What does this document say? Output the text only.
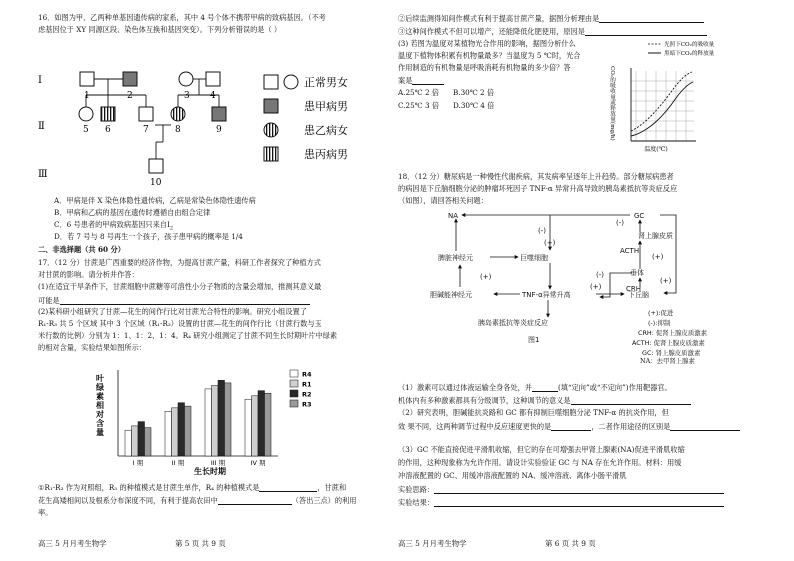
16．如图为甲、乙两种单基因遗传病的家系，其中 4 号个体不携带甲病的致病基因。（不考
虑基因位于 XY 同源区段、染色体互换和基因突变）。下列分析错误的是（ ）
Ⅰ
Ⅱ
Ⅲ
1	2	3 4
5 6	7	8	9
10
正常男女
患甲病男
患乙病女
患丙病男
A．甲病是伴 X 染色体隐性遗传病，乙病是常染色体隐性遗传病
B．甲病和乙病的基因在遗传时遵循自由组合定律
C．6 号患者的甲病致病基因只来自$I_2$
D．若 7 号与 8 号再生一个孩子，孩子患甲病的概率是 1/4
二、非选择题（共 60 分）
17．（12 分）甘蔗是广西重要的经济作物，为提高甘蔗产量，科研工作者探究了种植方式
对甘蔗的影响。请分析并作答：
(1)在适宜干旱条件下，甘蔗细胞中蔗糖等可溶性小分子物质的含量会增加，推测其意义最
可能是
(2)某科研小组研究了甘蔗—花生的间作行比对甘蔗光合特性的影响。研究小组设置了
R₁-R₃ 共 5 个区域 其中 3 个区域（R₁-R₃）设置的甘蔗—花生的间作行比（甘蔗行数与玉
米行数的比例）分别为 1：1、1：2、1：4。R₄ 研究小组测定了甘蔗不同生长时期叶片中绿素
的相对含量，实验结果如图所示：
叶绿素相对含量
I 期	II 期	III 期	IV 期
R4
R1
R2
R3
生长时期
①R₁-R₃ 作为对照组，R₃ 的种植模式是甘蔗生单作，R₄ 的种植模式是	，甘蔗和
花生高矮相间以及根系分布深度不同，有利于提高农田中	（答出三点）的利用
率。
高三 5 月月考生物学	第 5 页 共 9 页
②后续监测得知间作模式有利于提高甘蔗产量，据图分析理由是
③这种间作模式不但可以增产，还能降低化肥使用，原因是
(3) 若图为温度对某植物光合作用的影响，据图分析什么
温度下植物体积累有机物量最多？当温度为 5 ℃时，光合
作用制造的有机物量是呼吸消耗有机物量的多少倍？答
案是
A.25℃ 2 倍 B.30℃ 2 倍
C.25℃ 3 倍 D.30℃ 4 倍
光照下CO₂的吸收量
黑暗下CO₂的释放量
CO₂的吸收量或释放量(mg/h)
温度(℃)
18．（12 分）糖尿病是一种慢性代谢疾病，其发病率呈逐年上升趋势。部分糖尿病患者
的病因是下丘脑细胞分泌的肿瘤坏死因子 TNF-α 异常升高导致的胰岛素抵抗等炎症反应
（如图），请回答相关问题：
NA	GC
肾上腺皮质
ACTH
垂体
CRH
下丘脑
脾脏神经元	巨噬细胞
胆碱能神经元	TNF-α异常升高
胰岛素抵抗等炎症反应
图1
(-)
(+)
(+)
(+)
(-)
(+)
(-)
(+)
(+):促进
(-):抑制
CRH: 促肾上腺皮质激素
ACTH: 促肾上腺皮质激素
GC: 肾上腺皮质激素
NA：去甲肾上腺素
（1）激素可以通过体液运输全身各处，并	(填“定向”或“不定向”)作用靶器官。
机体内有多种激素都具有分级调节，这种调节的意义是
（2）研究表明，胆碱能抗炎路和 GC 都有抑制巨噬细胞分泌 TNF-α 的抗炎作用，但
效 果不同，这两种调节过程中反应速度更快的是	，二者作用途径的区别是
（3）GC 不能直接促进平滑肌收缩，但它的存在可增强去甲肾上腺素(NA)促进平滑肌收缩
的作用，这种现象称为允许作用。请设计实验验证 GC 与 NA 存在允许作用。材料：用缓
冲溶液配置的 GC、用缓冲溶液配置的 NA、缓冲溶液、离体小肠平滑肌
实验思路：
实验结果：
高三 5 月月考生物学	第 6 页 共 9 页
